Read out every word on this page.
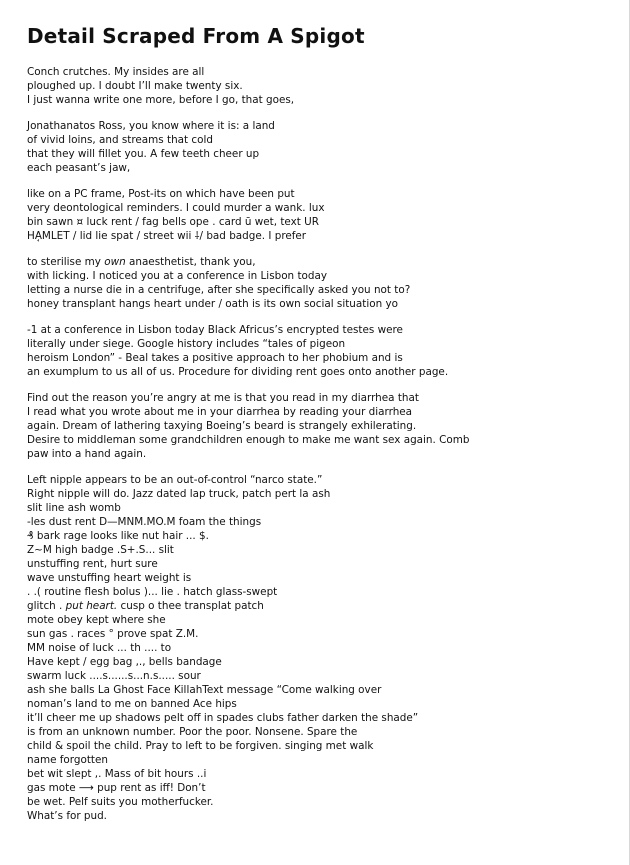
Detail Scraped From A Spigot
Conch crutches. My insides are all
ploughed up. I doubt I’ll make twenty six.
I just wanna write one more, before I go, that goes,
Jonathanatos Ross, you know where it is: a land
of vivid loins, and streams that cold
that they will fillet you. A few teeth cheer up
each peasant’s jaw,
like on a PC frame, Post-its on which have been put
very deontological reminders. I could murder a wank. lux
bin sawn ¤ luck rent / fag bells ope . card ū wet, text UR
HA̘MLET / lid lie spat / street wii ⸸/ bad badge. I prefer
to sterilise my own anaesthetist, thank you,
with licking. I noticed you at a conference in Lisbon today
letting a nurse die in a centrifuge, after she specifically asked you not to?
honey transplant hangs heart under / oath is its own social situation yo
-1 at a conference in Lisbon today Black Africus’s encrypted testes were
literally under siege. Google history includes “tales of pigeon
heroism London” - Beal takes a positive approach to her phobium and is
an exumplum to us all of us. Procedure for dividing rent goes onto another page.
Find out the reason you’re angry at me is that you read in my diarrhea that
I read what you wrote about me in your diarrhea by reading your diarrhea
again. Dream of lathering taxying Boeing’s beard is strangely exhilerating.
Desire to middleman some grandchildren enough to make me want sex again. Comb
paw into a hand again.
Left nipple appears to be an out-of-control “narco state.”
Right nipple will do. Jazz dated lap truck, patch pert la ash
slit line ash womb
-les dust rent D—MNM.MO.M foam the things
₰ bark rage looks like nut hair ... $.
Z~M high badge .S+.S... slit
unstuffing rent, hurt sure
wave unstuffing heart weight is
. .( routine flesh bolus )... lie . hatch glass-swept
glitch . put heart. cusp o thee transplat patch
mote obey kept where she
sun gas . races ° prove spat Z.M.
MM noise of luck ... th .... to
Have kept / egg bag ,., bells bandage
swarm luck ....s......s...n.s..... sour
ash she balls La Ghost Face KillahText message “Come walking over
noman’s land to me on banned Ace hips
it’ll cheer me up shadows pelt off in spades clubs father darken the shade”
is from an unknown number. Poor the poor. Nonsene. Spare the
child & spoil the child. Pray to left to be forgiven. singing met walk
name forgotten
bet wit slept ,. Mass of bit hours ..i
gas mote ⟶ pup rent as iff! Don’t
be wet. Pelf suits you motherfucker.
What’s for pud.
